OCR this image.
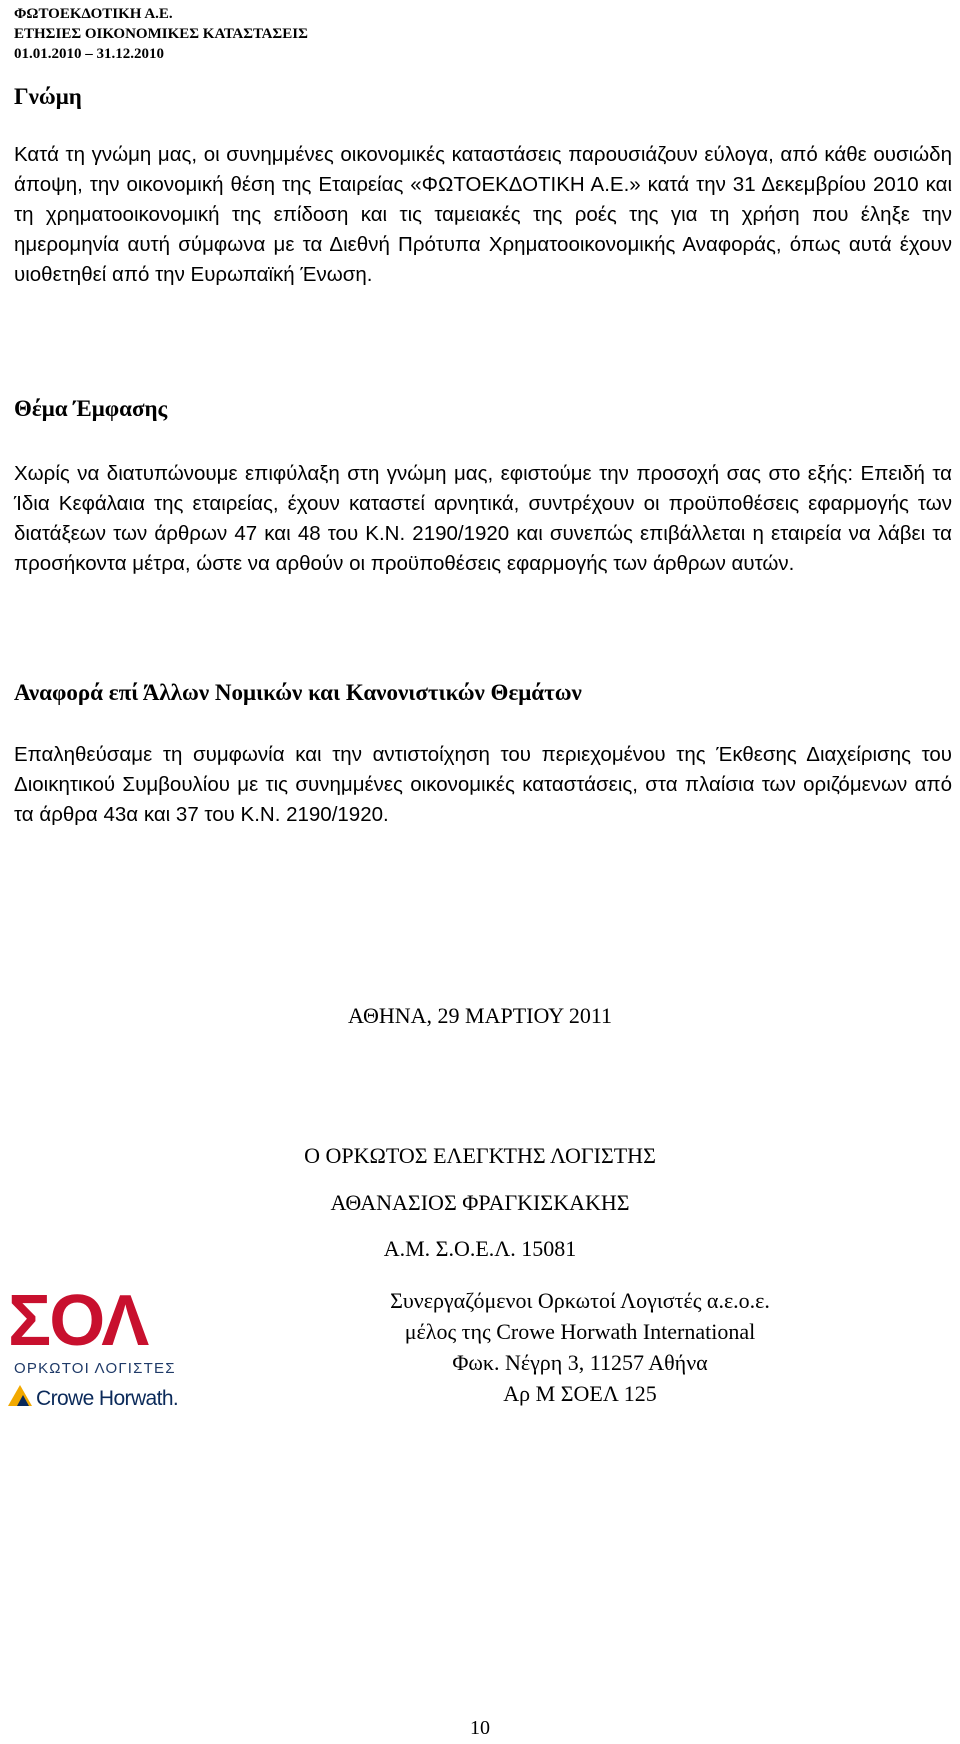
ΦΩΤΟΕΚΔΟΤΙΚΗ Α.Ε.
ΕΤΗΣΙΕΣ ΟΙΚΟΝΟΜΙΚΕΣ ΚΑΤΑΣΤΑΣΕΙΣ
01.01.2010 – 31.12.2010
Γνώμη
Κατά τη γνώμη μας, οι συνημμένες οικονομικές καταστάσεις παρουσιάζουν εύλογα, από κάθε ουσιώδη άποψη, την οικονομική θέση της Εταιρείας «ΦΩΤΟΕΚΔΟΤΙΚΗ Α.Ε.» κατά την 31 Δεκεμβρίου 2010 και τη χρηματοοικονομική της επίδοση και τις ταμειακές της ροές της για τη χρήση που έληξε την ημερομηνία αυτή σύμφωνα με τα Διεθνή Πρότυπα Χρηματοοικονομικής Αναφοράς, όπως αυτά έχουν υιοθετηθεί από την Ευρωπαϊκή Ένωση.
Θέμα Έμφασης
Χωρίς να διατυπώνουμε επιφύλαξη στη γνώμη μας, εφιστούμε την προσοχή σας στο εξής: Επειδή τα Ίδια Κεφάλαια της εταιρείας, έχουν καταστεί αρνητικά, συντρέχουν οι προϋποθέσεις εφαρμογής των διατάξεων των άρθρων 47 και 48 του Κ.Ν. 2190/1920 και συνεπώς επιβάλλεται η εταιρεία να λάβει τα προσήκοντα μέτρα, ώστε να αρθούν οι προϋποθέσεις εφαρμογής των άρθρων αυτών.
Αναφορά επί Άλλων Νομικών και Κανονιστικών Θεμάτων
Επαληθεύσαμε τη συμφωνία και την αντιστοίχηση του περιεχομένου της Έκθεσης Διαχείρισης του Διοικητικού Συμβουλίου με τις συνημμένες οικονομικές καταστάσεις, στα πλαίσια των οριζόμενων από τα άρθρα 43α και 37 του Κ.Ν. 2190/1920.
ΑΘΗΝΑ, 29 ΜΑΡΤΙΟΥ 2011
Ο ΟΡΚΩΤΟΣ ΕΛΕΓΚΤΗΣ ΛΟΓΙΣΤΗΣ
ΑΘΑΝΑΣΙΟΣ ΦΡΑΓΚΙΣΚΑΚΗΣ
Α.Μ. Σ.Ο.Ε.Λ. 15081
ΣΟΛ
ΟΡΚΩΤΟΙ ΛΟΓΙΣΤΕΣ
Crowe Horwath.
Συνεργαζόμενοι Ορκωτοί Λογιστές α.ε.ο.ε.
μέλος της Crowe Horwath International
Φωκ. Νέγρη 3, 11257 Αθήνα
Αρ Μ ΣΟΕΛ 125
10
